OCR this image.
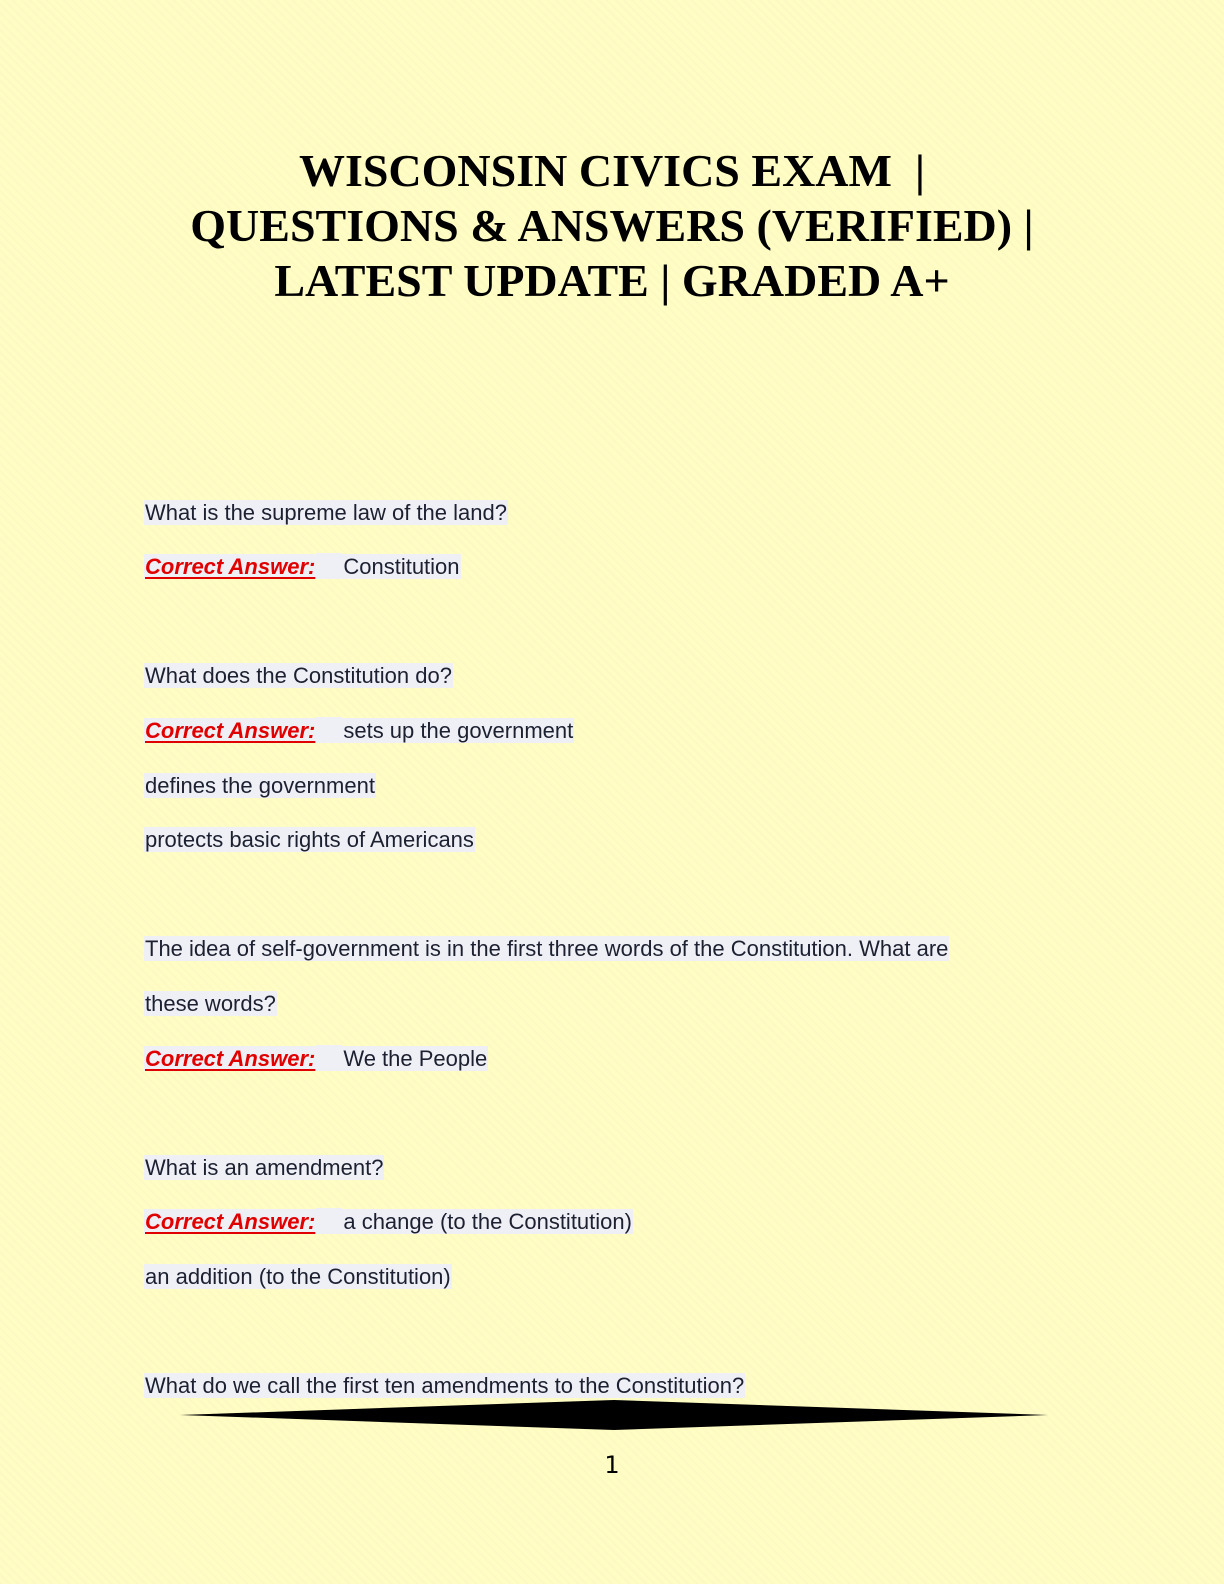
WISCONSIN CIVICS EXAM  |
QUESTIONS & ANSWERS (VERIFIED) |
LATEST UPDATE | GRADED A+
What is the supreme law of the land?
Correct Answer: Constitution
What does the Constitution do?
Correct Answer: sets up the government
defines the government
protects basic rights of Americans
The idea of self-government is in the first three words of the Constitution. What are
these words?
Correct Answer: We the People
What is an amendment?
Correct Answer: a change (to the Constitution)
an addition (to the Constitution)
What do we call the first ten amendments to the Constitution?
1
